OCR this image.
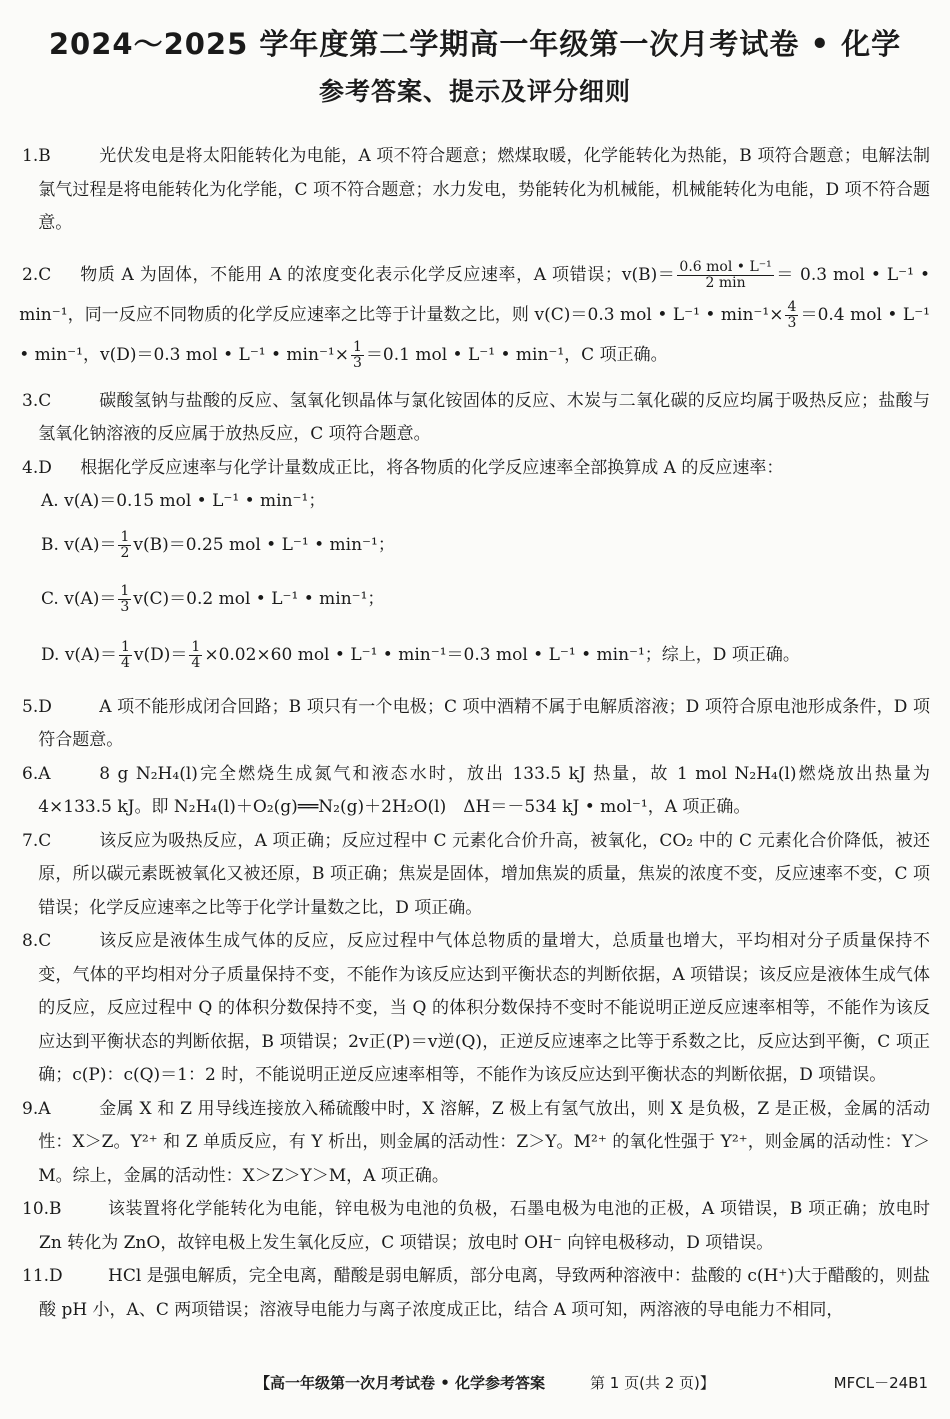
2024～2025 学年度第二学期高一年级第一次月考试卷 • 化学
参考答案、提示及评分细则
1.B	光伏发电是将太阳能转化为电能，A 项不符合题意；燃煤取暖，化学能转化为热能，B 项符合题意；电解法制氯气过程是将电能转化为化学能，C 项不符合题意；水力发电，势能转化为机械能，机械能转化为电能，D 项不符合题意。
2.C	物质 A 为固体，不能用 A 的浓度变化表示化学反应速率，A 项错误；$v(B)= \frac{\text{0.6 mol • L⁻¹}}{2 \min} = 0.3$ mol • L⁻¹ • min⁻¹，同一反应不同物质的化学反应速率之比等于计量数之比，则 v(C)＝0.3 mol • L⁻¹ • $\min^{-1}\times \frac{4}{3} =0.4$ mol • L⁻¹ • min⁻¹，v(D)＝0.3 mol • L⁻¹ • $\min^{-1}\times \frac{1}{3} =0.1$ mol • L⁻¹ • min⁻¹，C 项正确。
3.C	碳酸氢钠与盐酸的反应、氢氧化钡晶体与氯化铵固体的反应、木炭与二氧化碳的反应均属于吸热反应；盐酸与氢氧化钠溶液的反应属于放热反应，C 项符合题意。
4.D	根据化学反应速率与化学计量数成正比，将各物质的化学反应速率全部换算成 A 的反应速率：
A. v(A)＝0.15 mol • L⁻¹ • min⁻¹；
B. $v(A)= \frac{1}{2} v(B)=0.25$ mol • L⁻¹ • min⁻¹；
C. $v(A)= \frac{1}{3} v(C)=0.2$ mol • L⁻¹ • min⁻¹；
D. $v(A)= \frac{1}{4} v(D)= \frac{1}{4} \times 0.02\times 60$ mol • L⁻¹ • min⁻¹＝0.3 mol • L⁻¹ • min⁻¹；综上，D 项正确。
5.D	A 项不能形成闭合回路；B 项只有一个电极；C 项中酒精不属于电解质溶液；D 项符合原电池形成条件，D 项符合题意。
6.A	8 g N₂H₄(l)完全燃烧生成氮气和液态水时，放出 133.5 kJ 热量，故 1 mol N₂H₄(l)燃烧放出热量为 4×133.5 kJ。即 N₂H₄(l)＋O₂(g)══N₂(g)＋2H₂O(l)　ΔH＝－534 kJ • mol⁻¹，A 项正确。
7.C	该反应为吸热反应，A 项正确；反应过程中 C 元素化合价升高，被氧化，CO₂ 中的 C 元素化合价降低，被还原，所以碳元素既被氧化又被还原，B 项正确；焦炭是固体，增加焦炭的质量，焦炭的浓度不变，反应速率不变，C 项错误；化学反应速率之比等于化学计量数之比，D 项正确。
8.C	该反应是液体生成气体的反应，反应过程中气体总物质的量增大，总质量也增大，平均相对分子质量保持不变，气体的平均相对分子质量保持不变，不能作为该反应达到平衡状态的判断依据，A 项错误；该反应是液体生成气体的反应，反应过程中 Q 的体积分数保持不变，当 Q 的体积分数保持不变时不能说明正逆反应速率相等，不能作为该反应达到平衡状态的判断依据，B 项错误；2v正(P)＝v逆(Q)，正逆反应速率之比等于系数之比，反应达到平衡，C 项正确；c(P)：c(Q)＝1：2 时，不能说明正逆反应速率相等，不能作为该反应达到平衡状态的判断依据，D 项错误。
9.A	金属 X 和 Z 用导线连接放入稀硫酸中时，X 溶解，Z 极上有氢气放出，则 X 是负极，Z 是正极，金属的活动性：X＞Z。Y²⁺ 和 Z 单质反应，有 Y 析出，则金属的活动性：Z＞Y。M²⁺ 的氧化性强于 Y²⁺，则金属的活动性：Y＞M。综上，金属的活动性：X＞Z＞Y＞M，A 项正确。
10.B	该装置将化学能转化为电能，锌电极为电池的负极，石墨电极为电池的正极，A 项错误，B 项正确；放电时 Zn 转化为 ZnO，故锌电极上发生氧化反应，C 项错误；放电时 OH⁻ 向锌电极移动，D 项错误。
11.D	HCl 是强电解质，完全电离，醋酸是弱电解质，部分电离，导致两种溶液中：盐酸的 c(H⁺)大于醋酸的，则盐酸 pH 小，A、C 两项错误；溶液导电能力与离子浓度成正比，结合 A 项可知，两溶液的导电能力不相同，
【高一年级第一次月考试卷 • 化学参考答案	第 1 页(共 2 页)】	MFCL－24B1
